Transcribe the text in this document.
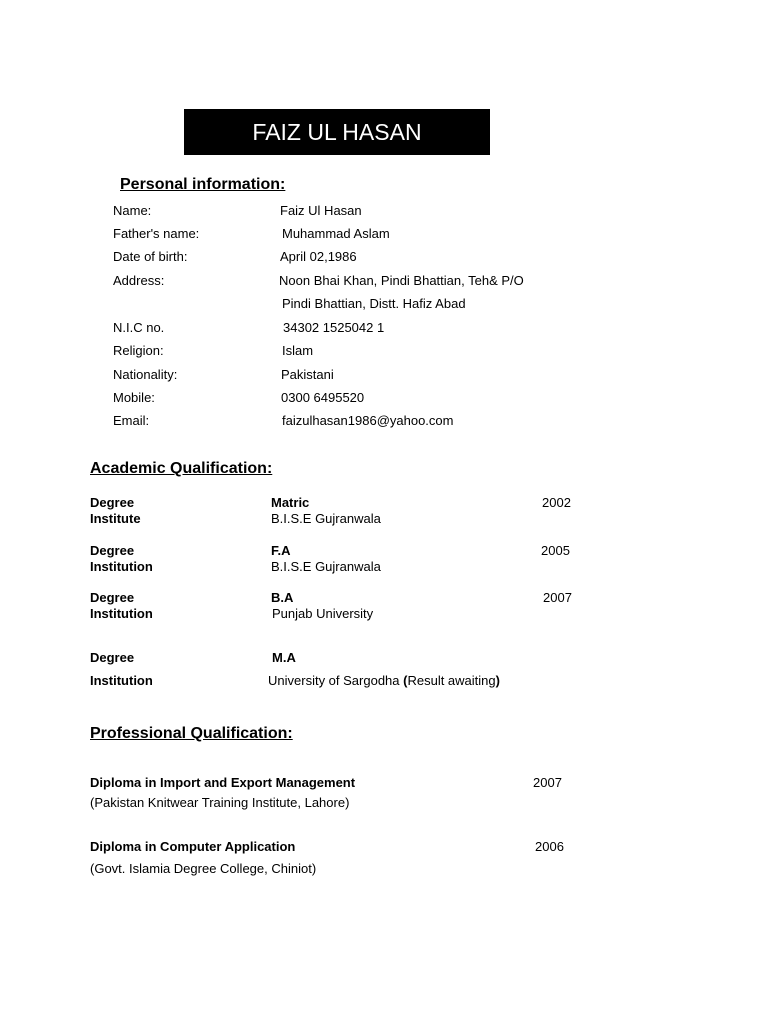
FAIZ UL HASAN
Personal information:
Name:	Faiz Ul Hasan
Father's name:	Muhammad Aslam
Date of birth:	April 02,1986
Address:	Noon Bhai Khan, Pindi Bhattian, Teh& P/O
Pindi Bhattian, Distt. Hafiz Abad
N.I.C no.	34302 1525042 1
Religion:	Islam
Nationality:	Pakistani
Mobile:	0300 6495520
Email:	faizulhasan1986@yahoo.com
Academic Qualification:
Degree	Matric	2002
Institute	B.I.S.E Gujranwala
Degree	F.A	2005
Institution	B.I.S.E Gujranwala
Degree	B.A	2007
Institution	Punjab University
Degree	M.A
Institution	University of Sargodha (Result awaiting)
Professional Qualification:
Diploma in Import and Export Management	2007
(Pakistan Knitwear Training Institute, Lahore)
Diploma in Computer Application	2006
(Govt. Islamia Degree College, Chiniot)
